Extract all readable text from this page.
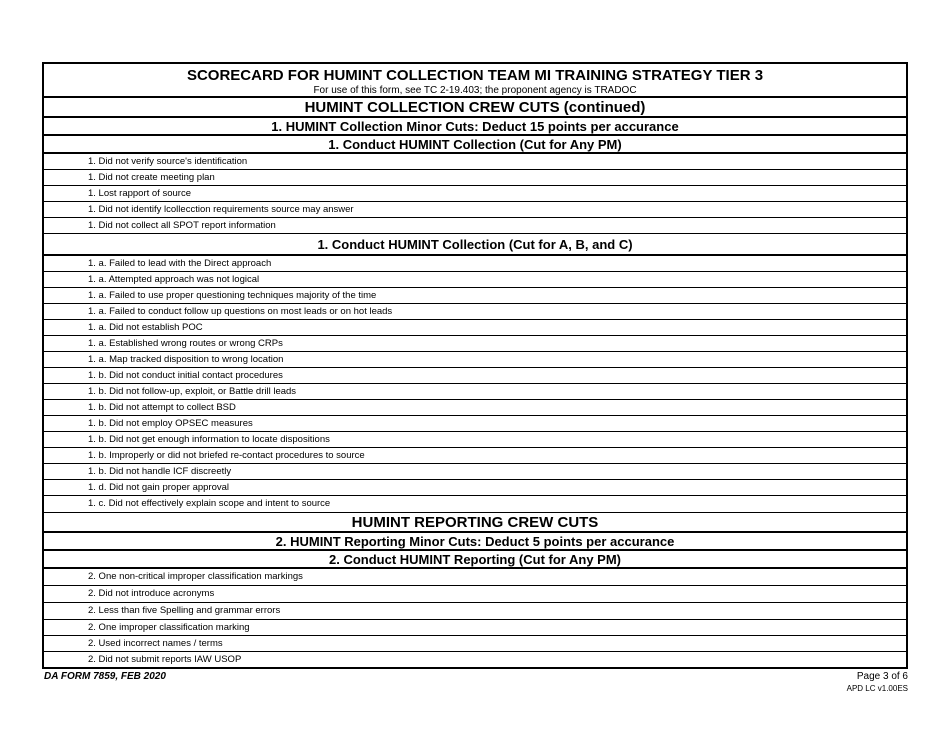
SCORECARD FOR HUMINT COLLECTION TEAM MI TRAINING STRATEGY TIER 3
For use of this form, see TC 2-19.403; the proponent agency is TRADOC
HUMINT COLLECTION CREW CUTS (continued)
1. HUMINT Collection Minor Cuts: Deduct 15 points per accurance
1. Conduct HUMINT Collection (Cut for Any PM)
1. Did not verify source's identification
1. Did not create meeting plan
1. Lost rapport of source
1. Did not identify lcollecction requirements source may answer
1. Did not collect all SPOT report information
1. Conduct HUMINT Collection (Cut for A, B, and C)
1. a. Failed to lead with the Direct approach
1. a. Attempted approach was not logical
1. a. Failed to use proper questioning techniques majority of the time
1. a. Failed to conduct follow up questions on most leads or on hot leads
1. a. Did not establish POC
1. a. Established wrong routes or wrong CRPs
1. a. Map tracked disposition to wrong location
1. b. Did not conduct initial contact procedures
1. b. Did not follow-up, exploit, or Battle drill leads
1. b. Did not attempt to collect BSD
1. b. Did not employ OPSEC measures
1. b. Did not get enough information to locate dispositions
1. b. Improperly or did not briefed re-contact procedures to source
1. b. Did not handle ICF discreetly
1. d. Did not gain proper approval
1. c. Did not effectively explain scope and intent to source
HUMINT REPORTING CREW CUTS
2. HUMINT Reporting Minor Cuts: Deduct 5 points per accurance
2. Conduct HUMINT Reporting (Cut for Any PM)
2. One non-critical improper classification markings
2. Did not introduce acronyms
2. Less than five Spelling and grammar errors
2. One improper classification marking
2. Used incorrect names / terms
2. Did not submit reports IAW USOP
DA FORM 7859, FEB 2020	Page 3 of 6
APD LC v1.00ES
